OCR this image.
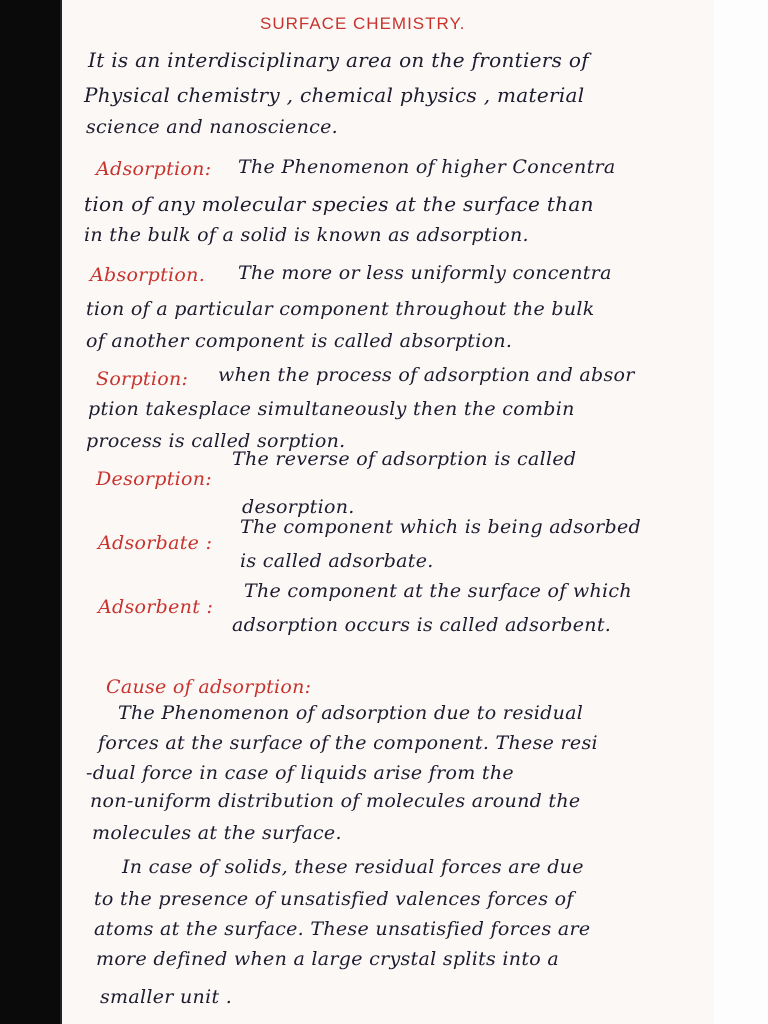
SURFACE CHEMISTRY.
It is an interdisciplinary area on the frontiers of
Physical chemistry , chemical physics , material
science and nanoscience.
Adsorption: The Phenomenon of higher Concentra
tion of any molecular species at the surface than
in the bulk of a solid is known as adsorption.
Absorption. The more or less uniformly concentra
tion of a particular component throughout the bulk
of another component is called absorption.
Sorption: when the process of adsorption and absor
ption takesplace simultaneously then the combin
process is called sorption.
Desorption:
The reverse of adsorption is called
desorption.
Adsorbate :
The component which is being adsorbed
is called adsorbate.
Adsorbent :
The component at the surface of which
adsorption occurs is called adsorbent.
Cause of adsorption:
The Phenomenon of adsorption due to residual
forces at the surface of the component. These resi
-dual force in case of liquids arise from the
non-uniform distribution of molecules around the
molecules at the surface.
In case of solids, these residual forces are due
to the presence of unsatisfied valences forces of
atoms at the surface. These unsatisfied forces are
more defined when a large crystal splits into a
smaller unit .
